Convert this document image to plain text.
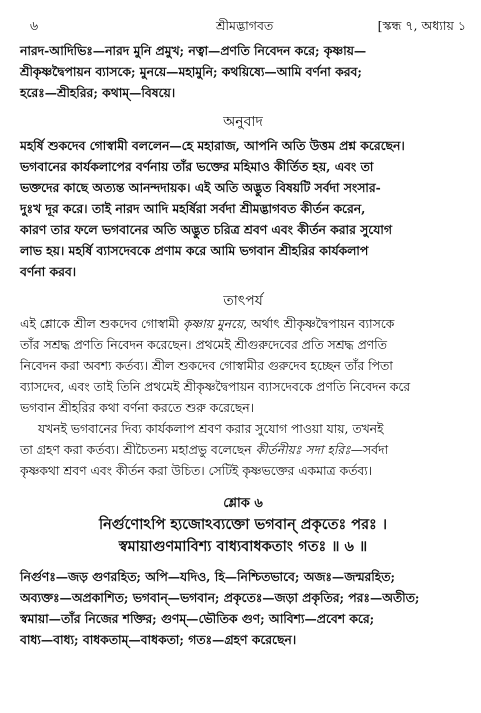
৬	শ্রীমদ্ভাগবত	[স্কন্ধ ৭, অধ্যায় ১

নারদ-আদিভিঃ—নারদ মুনি প্রমুখ; নত্বা—প্রণতি নিবেদন করে; কৃষ্ণায়—

শ্রীকৃষ্ণদ্বৈপায়ন ব্যাসকে; মুনয়ে—মহামুনি; কথয়িষ্যে—আমি বর্ণনা করব;

হরেঃ—শ্রীহরির; কথাম্—বিষয়ে।

অনুবাদ

মহর্ষি শুকদেব গোস্বামী বললেন—হে মহারাজ, আপনি অতি উত্তম প্রশ্ন করেছেন।

ভগবানের কার্যকলাপের বর্ণনায় তাঁর ভক্তের মহিমাও কীর্তিত হয়, এবং তা

ভক্তদের কাছে অত্যন্ত আনন্দদায়ক। এই অতি অদ্ভুত বিষয়টি সর্বদা সংসার-

দুঃখ দূর করে। তাই নারদ আদি মহর্ষিরা সর্বদা শ্রীমদ্ভাগবত কীর্তন করেন,

কারণ তার ফলে ভগবানের অতি অদ্ভুত চরিত্র শ্রবণ এবং কীর্তন করার সুযোগ

লাভ হয়। মহর্ষি ব্যাসদেবকে প্রণাম করে আমি ভগবান শ্রীহরির কার্যকলাপ

বর্ণনা করব।

তাৎপর্য

এই শ্লোকে শ্রীল শুকদেব গোস্বামী কৃষ্ণায় মুনয়ে, অর্থাৎ শ্রীকৃষ্ণদ্বৈপায়ন ব্যাসকে

তাঁর সশ্রদ্ধ প্রণতি নিবেদন করেছেন। প্রথমেই শ্রীগুরুদেবের প্রতি সশ্রদ্ধ প্রণতি

নিবেদন করা অবশ্য কর্তব্য। শ্রীল শুকদেব গোস্বামীর গুরুদেব হচ্ছেন তাঁর পিতা

ব্যাসদেব, এবং তাই তিনি প্রথমেই শ্রীকৃষ্ণদ্বৈপায়ন ব্যাসদেবকে প্রণতি নিবেদন করে

ভগবান শ্রীহরির কথা বর্ণনা করতে শুরু করেছেন।

যখনই ভগবানের দিব্য কার্যকলাপ শ্রবণ করার সুযোগ পাওয়া যায়, তখনই

তা গ্রহণ করা কর্তব্য। শ্রীচৈতন্য মহাপ্রভু বলেছেন কীর্তনীয়ঃ সদা হরিঃ—সর্বদা

কৃষ্ণকথা শ্রবণ এবং কীর্তন করা উচিত। সেটিই কৃষ্ণভক্তের একমাত্র কর্তব্য।

শ্লোক ৬
নির্গুণোঽপি হ্যজোঽব্যক্তো ভগবান্ প্রকৃতেঃ পরঃ ।
স্বমায়াগুণমাবিশ্য বাধ্যবাধকতাং গতঃ ॥ ৬ ॥

নির্গুণঃ—জড় গুণরহিত; অপি—যদিও, হি—নিশ্চিতভাবে; অজঃ—জন্মরহিত;

অব্যক্তঃ—অপ্রকাশিত; ভগবান্—ভগবান; প্রকৃতেঃ—জড়া প্রকৃতির; পরঃ—অতীত;

স্বমায়া—তাঁর নিজের শক্তির; গুণম্—ভৌতিক গুণ; আবিশ্য—প্রবেশ করে;

বাধ্য—বাধ্য; বাধকতাম্—বাধকতা; গতঃ—গ্রহণ করেছেন।
